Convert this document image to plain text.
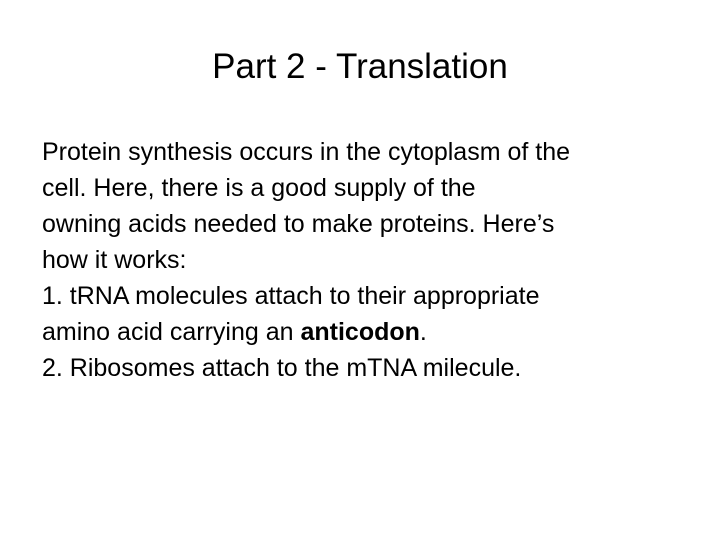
Part 2 - Translation

Protein synthesis occurs in the cytoplasm of the
cell. Here, there is a good supply of the
owning acids needed to make proteins. Here’s
how it works:

1. tRNA molecules attach to their appropriate
amino acid carrying an anticodon.

2. Ribosomes attach to the mTNA milecule.
